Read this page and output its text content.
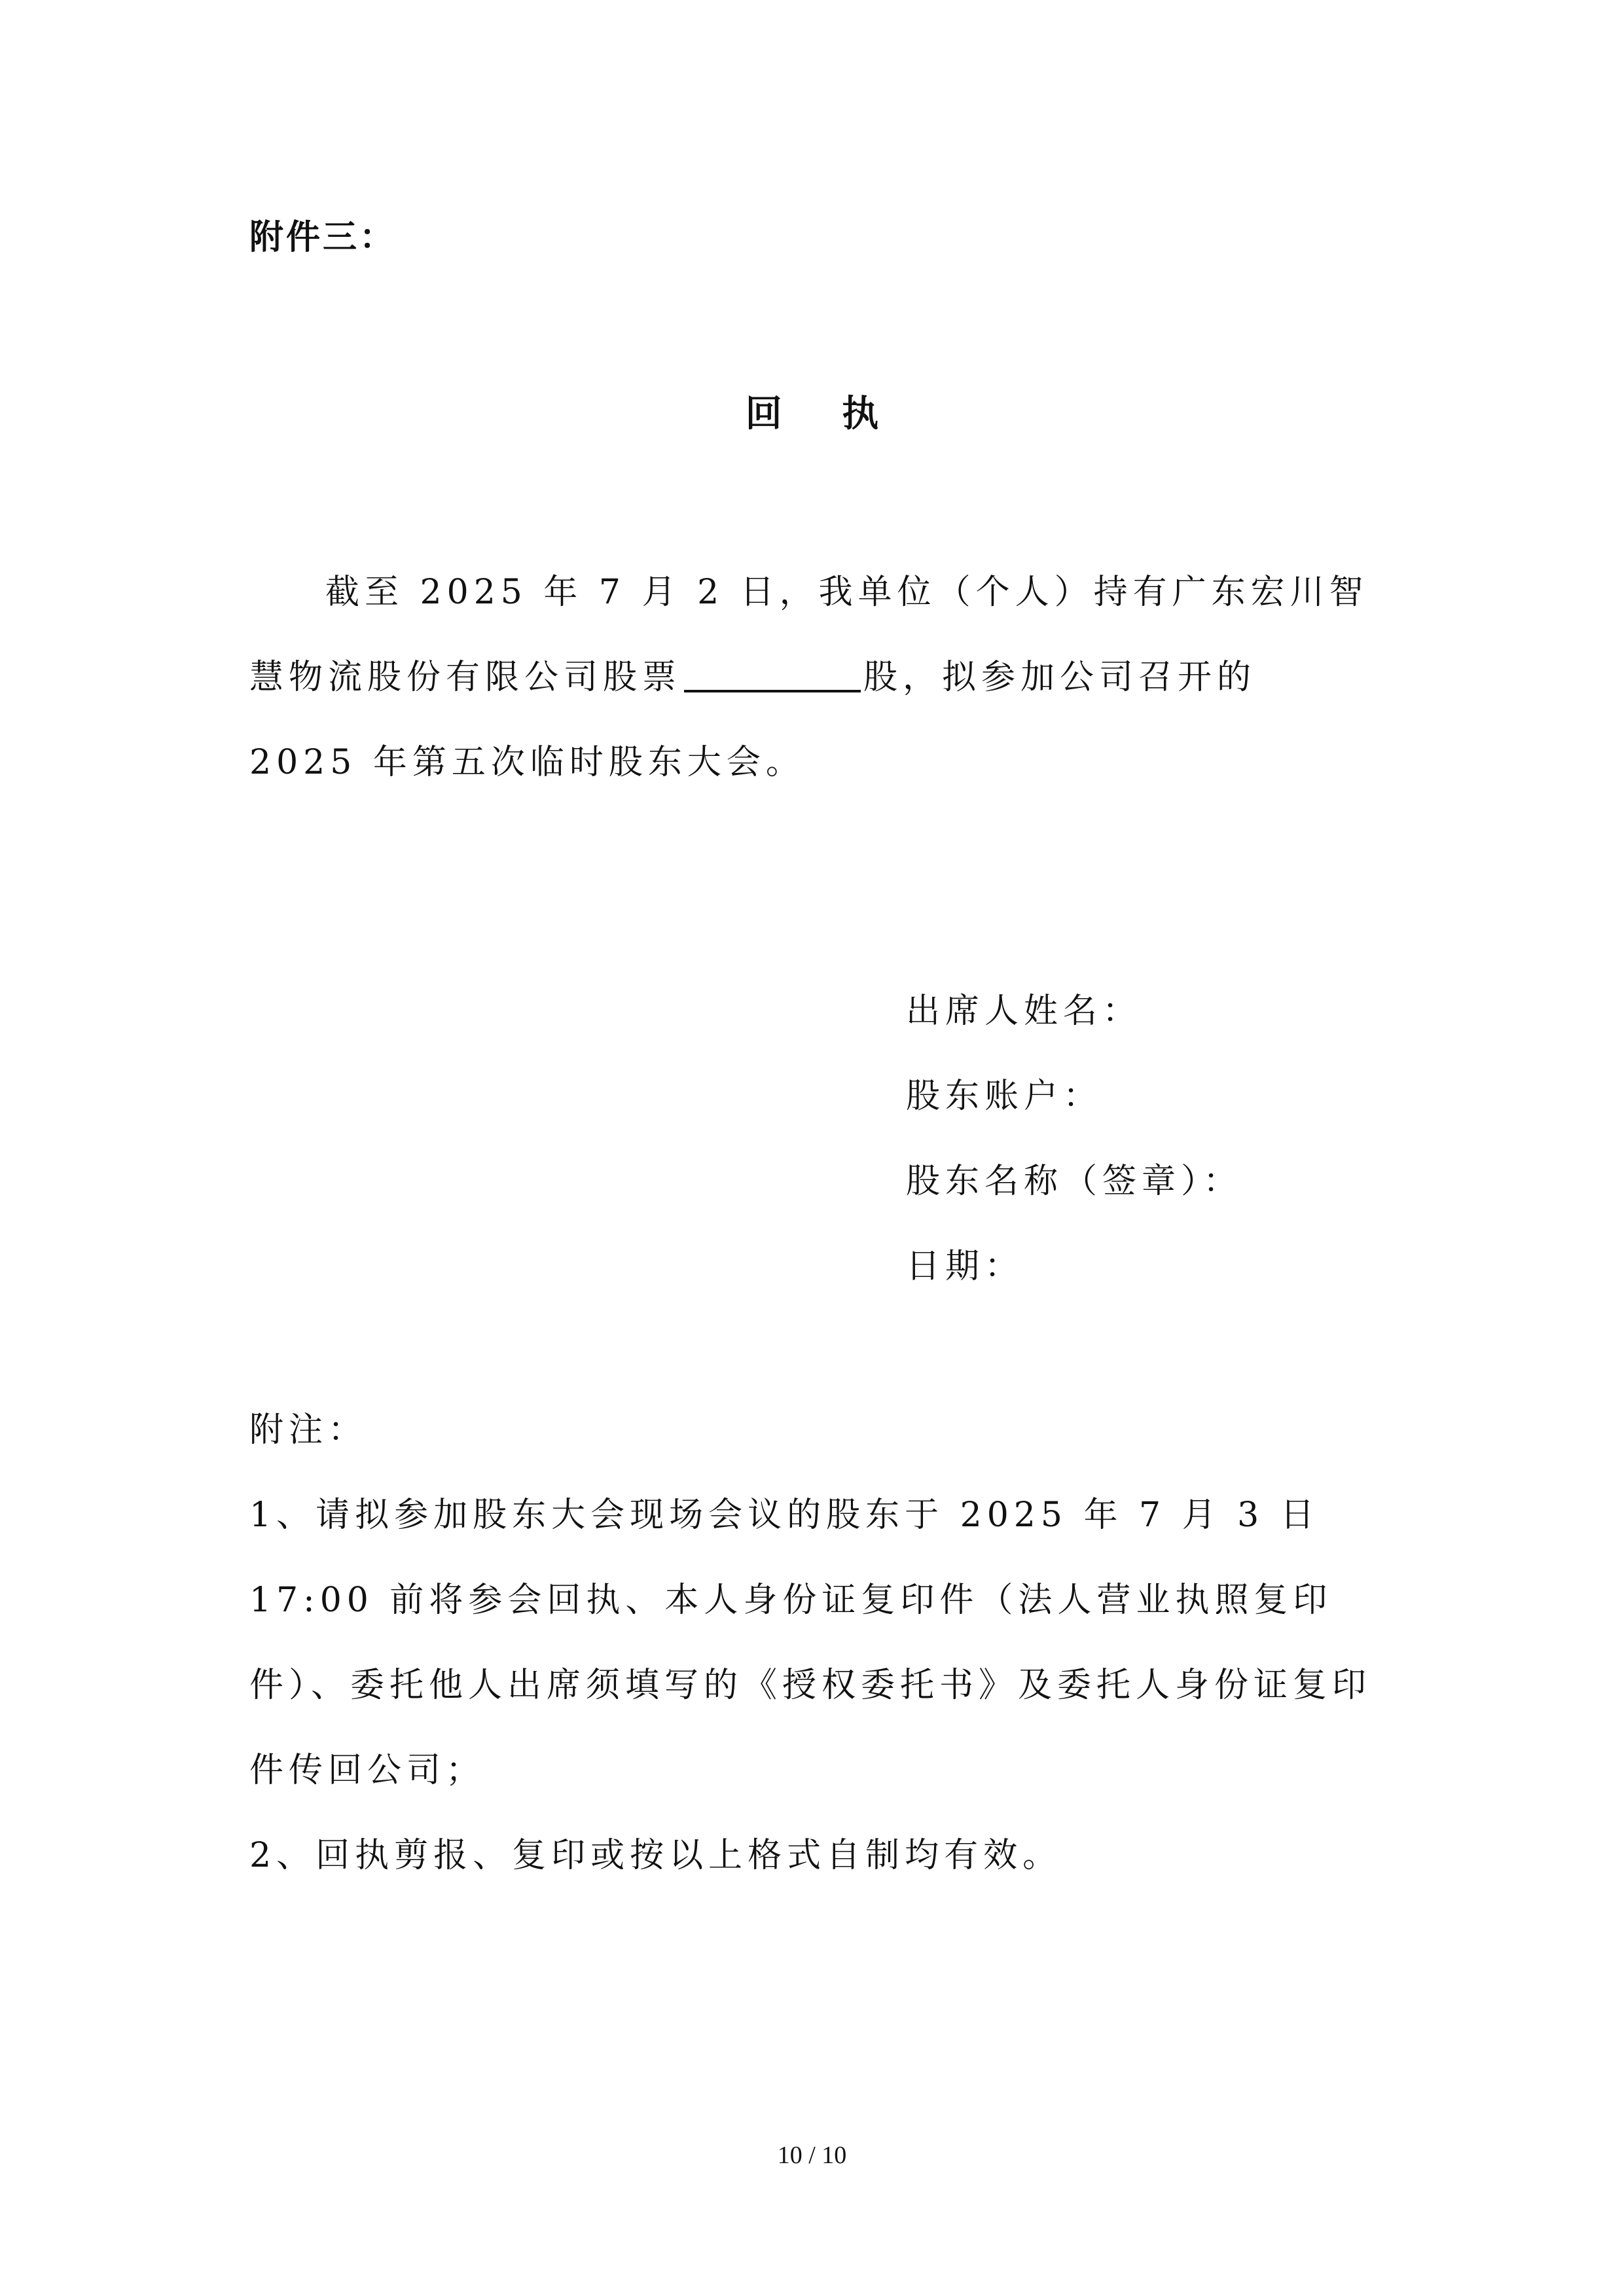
附件三：
回 执

截至 2025 年 7 月 2 日，我单位（个人）持有广东宏川智慧物流股份有限公司股票	股，拟参加公司召开的 2025 年第五次临时股东大会。

出席人姓名：
股东账户：
股东名称（签章）：
日期：
附注：

1、请拟参加股东大会现场会议的股东于 2025 年 7 月 3 日 17:00 前将参会回执、本人身份证复印件（法人营业执照复印件）、委托他人出席须填写的《授权委托书》及委托人身份证复印件传回公司；

2、回执剪报、复印或按以上格式自制均有效。

10 / 10
